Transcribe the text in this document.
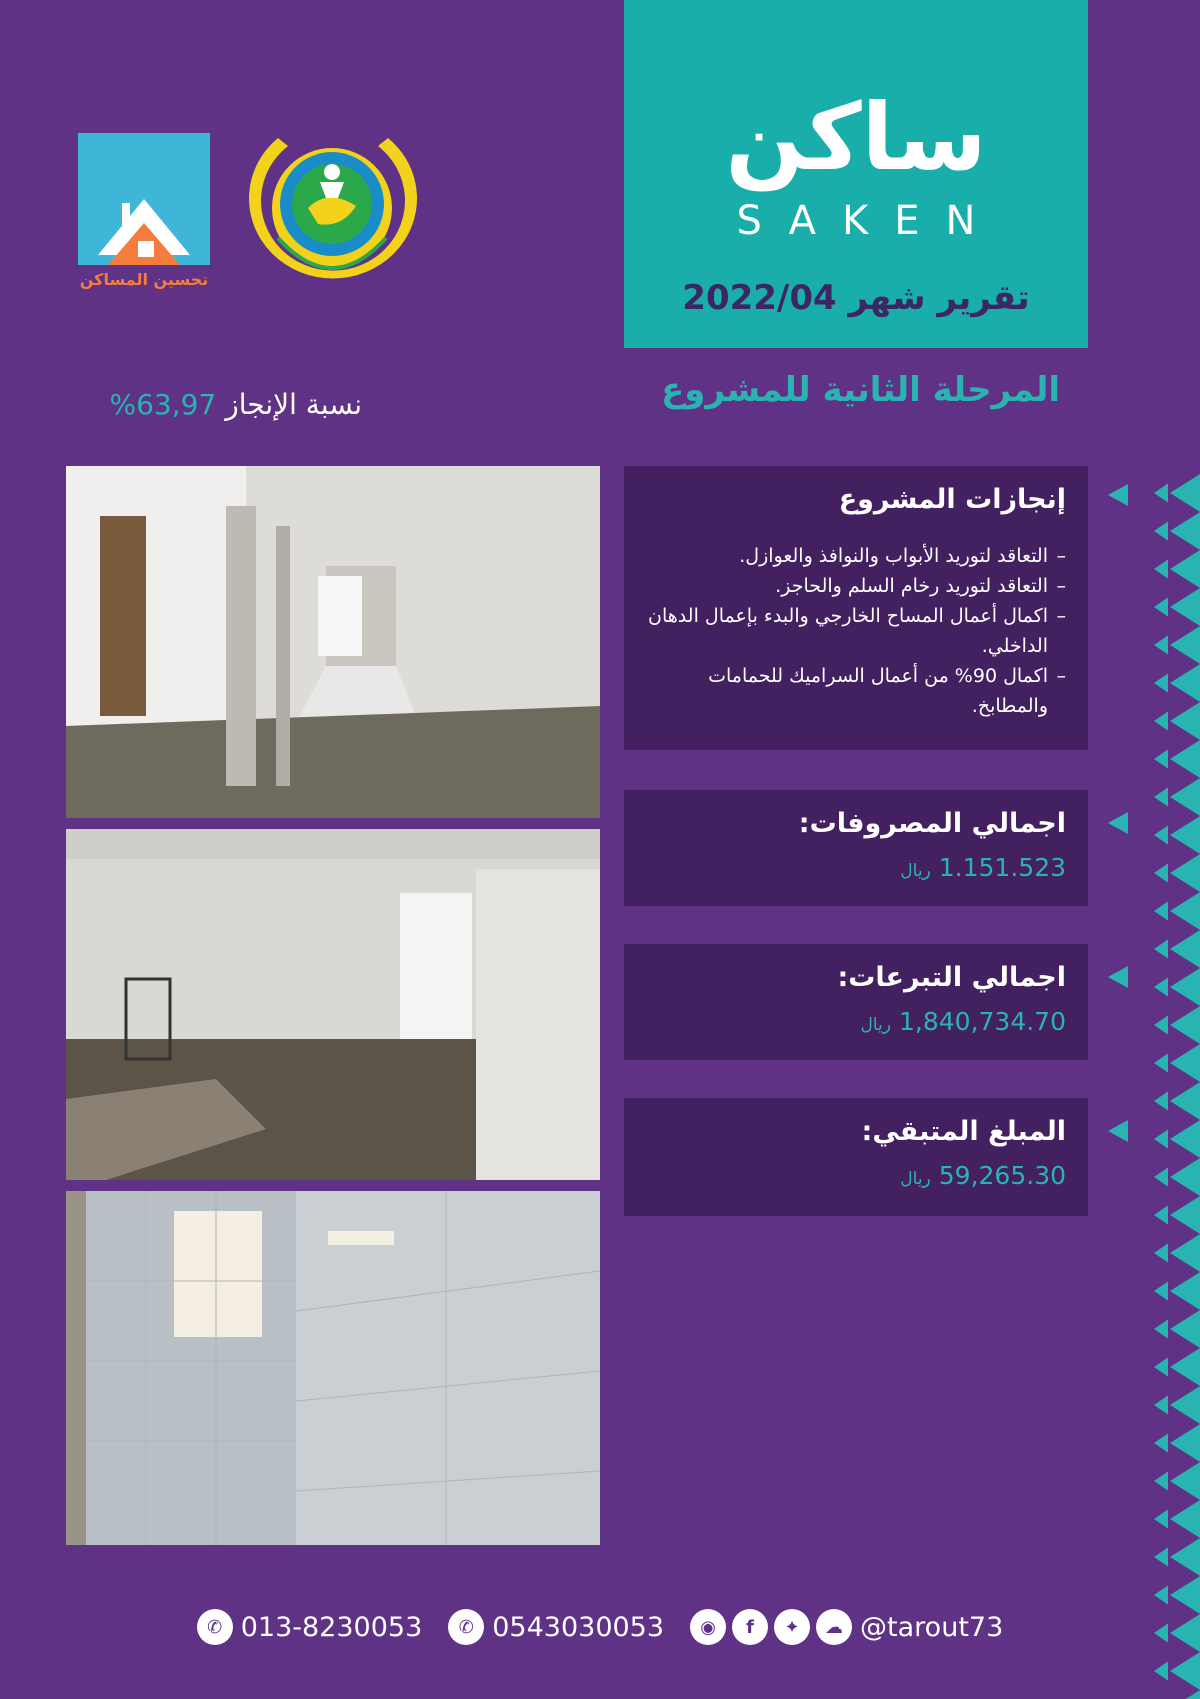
ساكن
SAKEN
تقرير شهر 2022/04
تحسين المساكن
المرحلة الثانية للمشروع
نسبة الإنجاز 63,97%
إنجازات المشروع
– التعاقد لتوريد الأبواب والنوافذ والعوازل.
– التعاقد لتوريد رخام السلم والحاجز.
– اكمال أعمال المساح الخارجي والبدء بإعمال الدهان الداخلي.
– اكمال 90% من أعمال السراميك للحمامات والمطابخ.
اجمالي المصروفات:
1.151.523
ريال
اجمالي التبرعات:
1,840,734.70
ريال
المبلغ المتبقي:
59,265.30
ريال
✆ 013-8230053	✆ 0543030053	◉	f	✦	☁ @tarout73
